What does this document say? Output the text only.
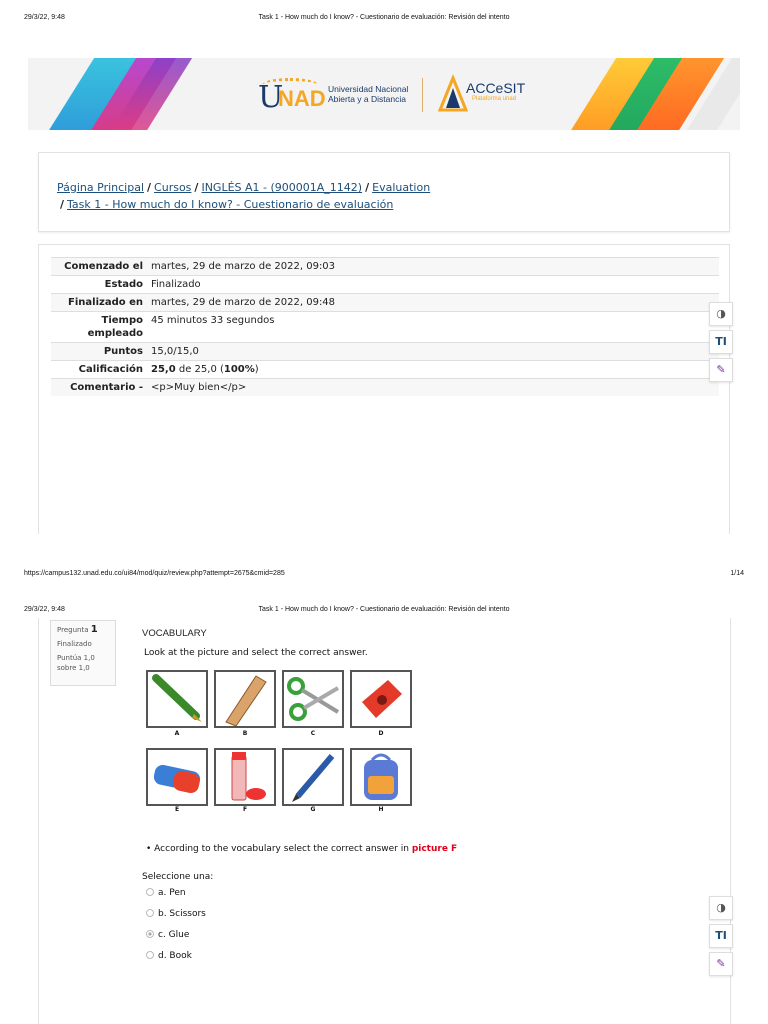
29/3/22, 9:48	Task 1 - How much do I know? - Cuestionario de evaluación: Revisión del intento
U
NAD Universidad Nacional
Abierta y a Distancia
ACCeSIT
Plataforma unad
Página Principal / Cursos / INGLÉS A1 - (900001A_1142) / Evaluation
/ Task 1 - How much do I know? - Cuestionario de evaluación
Comenzado el	martes, 29 de marzo de 2022, 09:03
Estado	Finalizado
Finalizado en	martes, 29 de marzo de 2022, 09:48
Tiempo empleado	45 minutos 33 segundos
Puntos	15,0/15,0
Calificación	25,0 de 25,0 (100%)
Comentario -	<p>Muy bien</p>
◑
TI
✎
https://campus132.unad.edu.co/ui84/mod/quiz/review.php?attempt=2675&cmid=285	1/14
29/3/22, 9:48	Task 1 - How much do I know? - Cuestionario de evaluación: Revisión del intento
Pregunta 1
Finalizado
Puntúa 1,0 sobre 1,0
VOCABULARY
Look at the picture and select the correct answer.
A	B	C	D
E	F	G	H
• According to the vocabulary select the correct answer in picture F
Seleccione una:
a. Pen
b. Scissors
c. Glue
d. Book
◑
TI
✎
